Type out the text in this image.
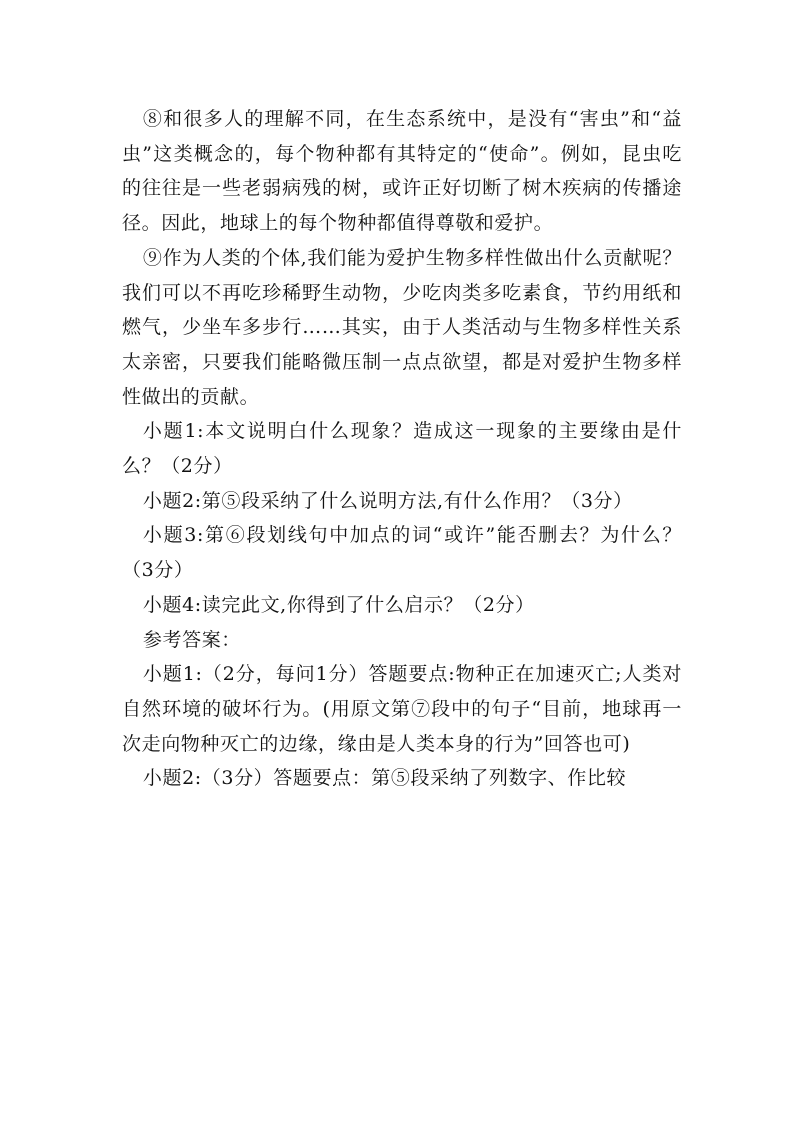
⑧和很多人的理解不同，在生态系统中，是没有“害虫”和“益虫”这类概念的，每个物种都有其特定的“使命”。例如，昆虫吃的往往是一些老弱病残的树，或许正好切断了树木疾病的传播途径。因此，地球上的每个物种都值得尊敬和爱护。

⑨作为人类的个体,我们能为爱护生物多样性做出什么贡献呢？我们可以不再吃珍稀野生动物，少吃肉类多吃素食，节约用纸和燃气，少坐车多步行……其实，由于人类活动与生物多样性关系太亲密，只要我们能略微压制一点点欲望，都是对爱护生物多样性做出的贡献。

小题1:本文说明白什么现象？造成这一现象的主要缘由是什么？（2分）

小题2:第⑤段采纳了什么说明方法,有什么作用？（3分）

小题3:第⑥段划线句中加点的词“或许”能否删去？为什么？（3分）

小题4:读完此文,你得到了什么启示？（2分）

参考答案：

小题1:（2分，每问1分）答题要点:物种正在加速灭亡;人类对自然环境的破坏行为。(用原文第⑦段中的句子“目前，地球再一次走向物种灭亡的边缘，缘由是人类本身的行为”回答也可)

小题2:（3分）答题要点：第⑤段采纳了列数字、作比较
